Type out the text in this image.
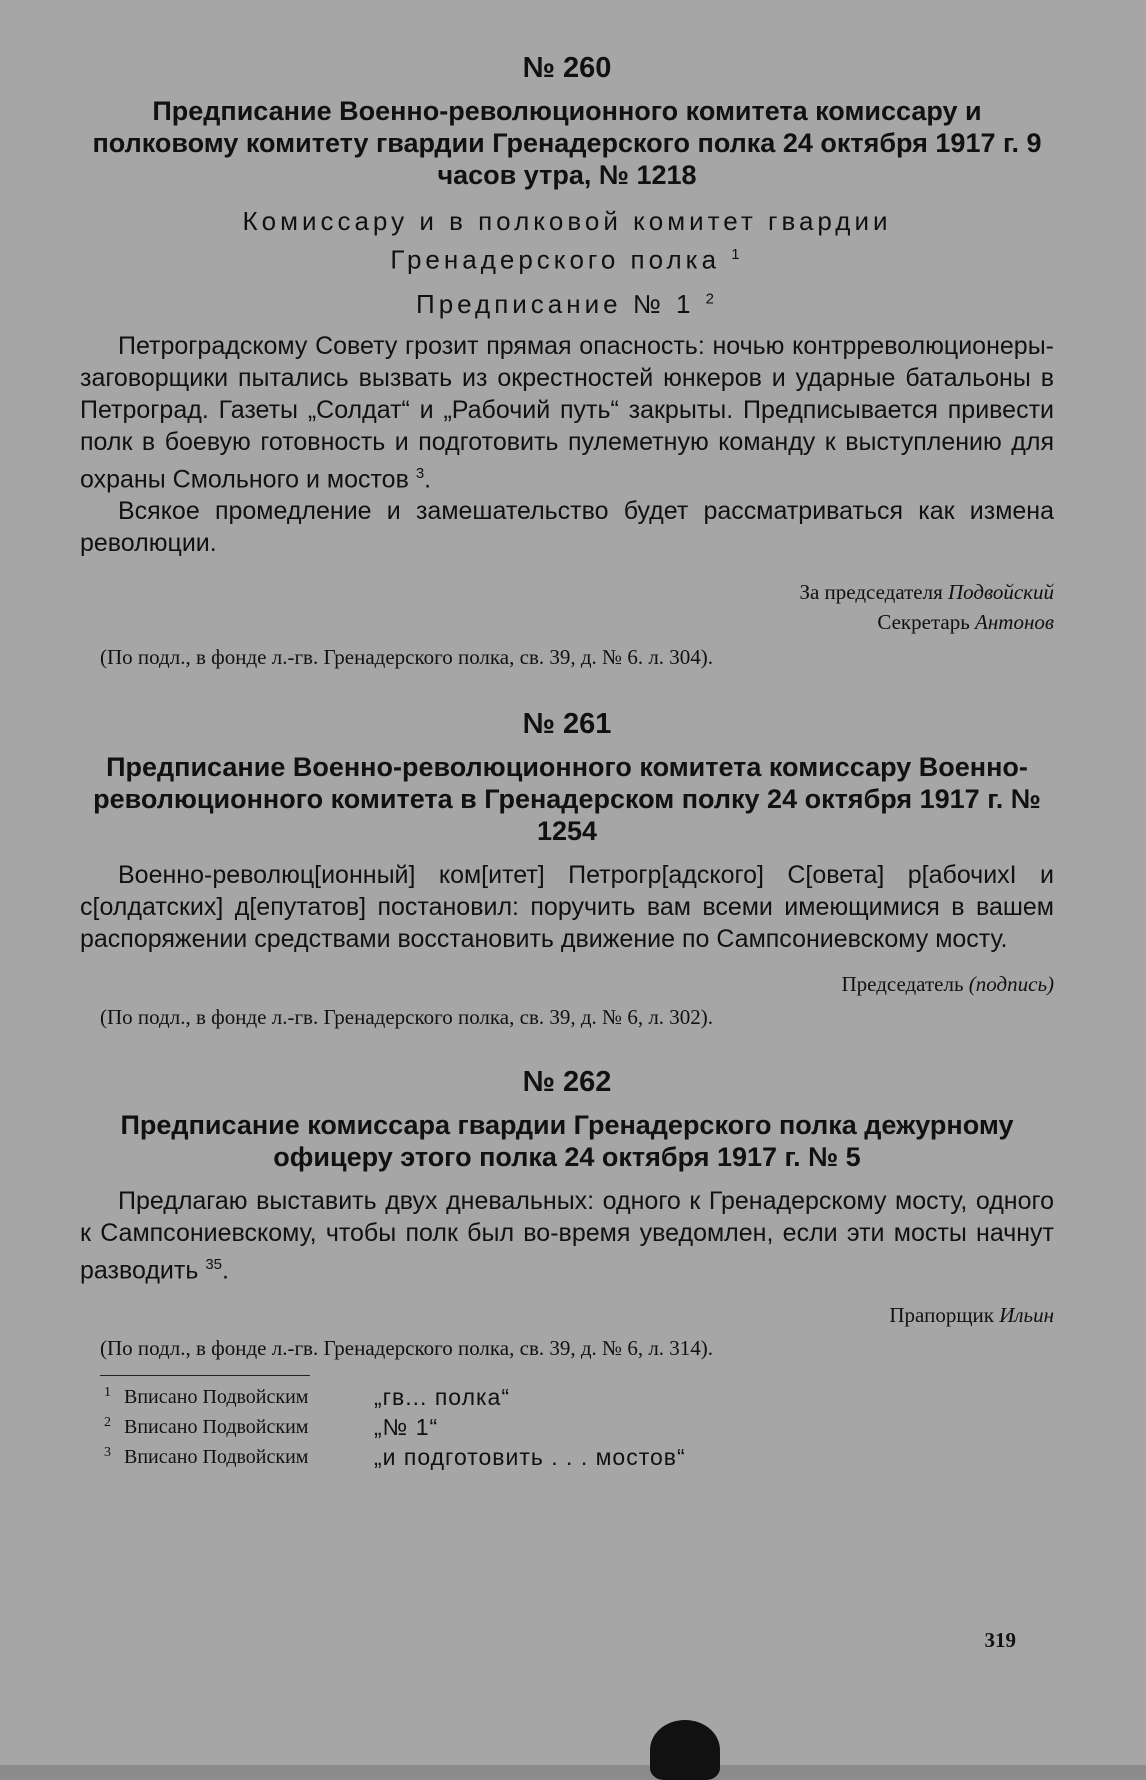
№ 260

Предписание Военно-революционного комитета комиссару и полковому комитету гвардии Гренадерского полка 24 октября 1917 г. 9 часов утра, № 1218

Комиссару и в полковой комитет гвардии
Гренадерского полка $^1$

Предписание № 1 $^2$

Петроградскому Совету грозит прямая опасность: ночью контрреволюционеры-заговорщики пытались вызвать из окрестностей юнкеров и ударные батальоны в Петроград. Газеты „Солдат“ и „Рабочий путь“ закрыты. Предписывается привести полк в боевую готовность и подготовить пулеметную команду к выступлению для охраны Смольного и мостов $^3$.

Всякое промедление и замешательство будет рассматриваться как измена революции.

За председателя Подвойский

Секретарь Антонов

(По подл., в фонде л.-гв. Гренадерского полка, св. 39, д. № 6. л. 304).

№ 261

Предписание Военно-революционного комитета комиссару Военно-революционного комитета в Гренадерском полку 24 октября 1917 г. № 1254

Военно-революц[ионный] ком[итет] Петрогр[адского] С[овета] р[абочихI и с[олдатских] д[епутатов] постановил: поручить вам всеми имеющимися в вашем распоряжении средствами восстановить движение по Сампсониевскому мосту.

Председатель (подпись)

(По подл., в фонде л.-гв. Гренадерского полка, св. 39, д. № 6, л. 302).

№ 262

Предписание комиссара гвардии Гренадерского полка дежурному офицеру этого полка 24 октября 1917 г. № 5

Предлагаю выставить двух дневальных: одного к Гренадерскому мосту, одного к Сампсониевскому, чтобы полк был во-время уведомлен, если эти мосты начнут разводить $^{35}$.

Прапорщик Ильин

(По подл., в фонде л.-гв. Гренадерского полка, св. 39, д. № 6, л. 314).

1 Вписано Подвойским	„гв... полка“
2 Вписано Подвойским	„№ 1“
3 Вписано Подвойским	„и подготовить . . . мостов“
319
